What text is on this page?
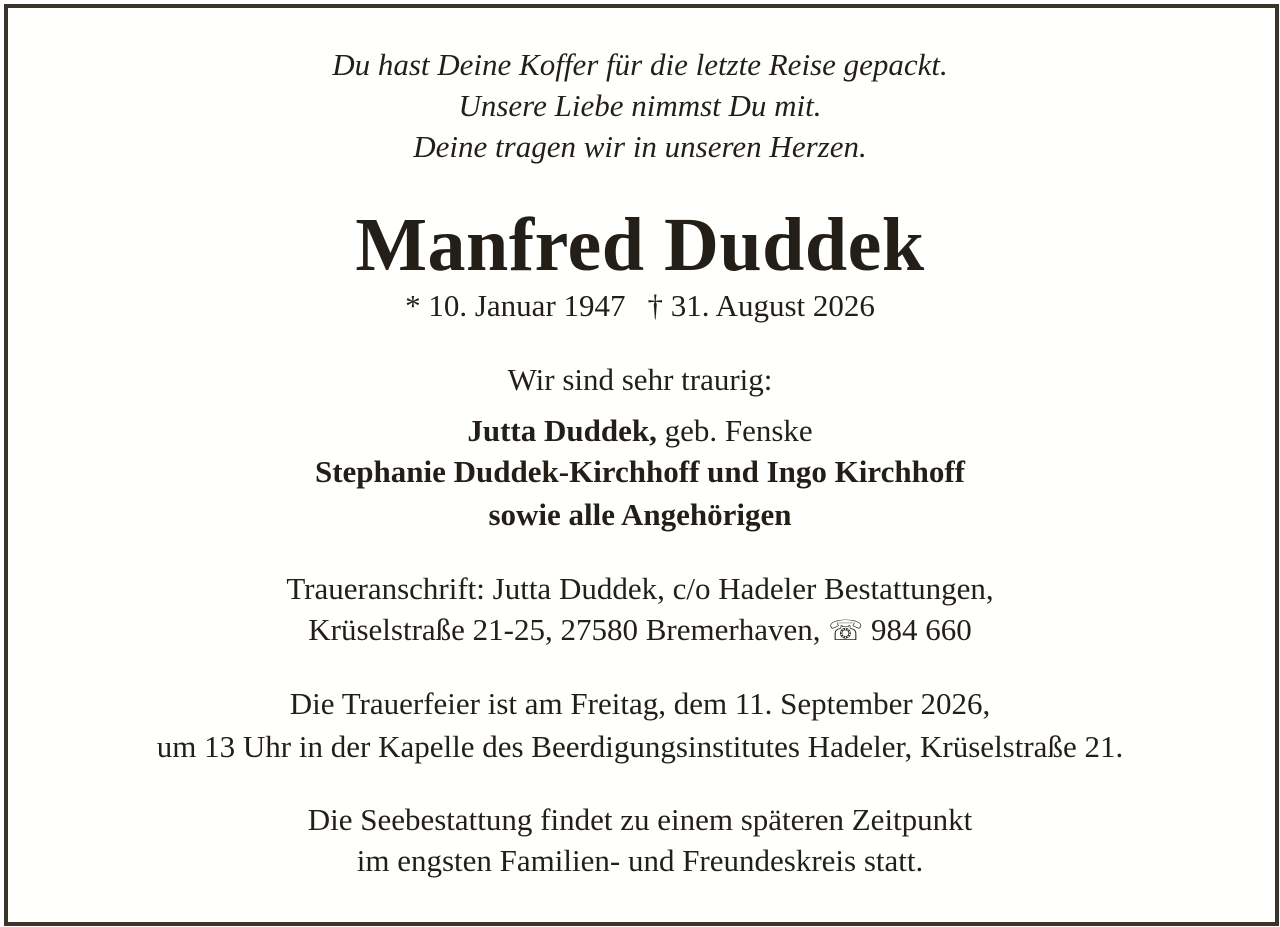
Du hast Deine Koffer für die letzte Reise gepackt.
Unsere Liebe nimmst Du mit.
Deine tragen wir in unseren Herzen.
Manfred Duddek
* 10. Januar 1947 † 31. August 2026
Wir sind sehr traurig:
Jutta Duddek, geb. Fenske
Stephanie Duddek-Kirchhoff und Ingo Kirchhoff
sowie alle Angehörigen
Traueranschrift: Jutta Duddek, c/o Hadeler Bestattungen,
Krüselstraße 21-25, 27580 Bremerhaven, ☏ 984 660
Die Trauerfeier ist am Freitag, dem 11. September 2026,
um 13 Uhr in der Kapelle des Beerdigungsinstitutes Hadeler, Krüselstraße 21.
Die Seebestattung findet zu einem späteren Zeitpunkt
im engsten Familien- und Freundeskreis statt.
